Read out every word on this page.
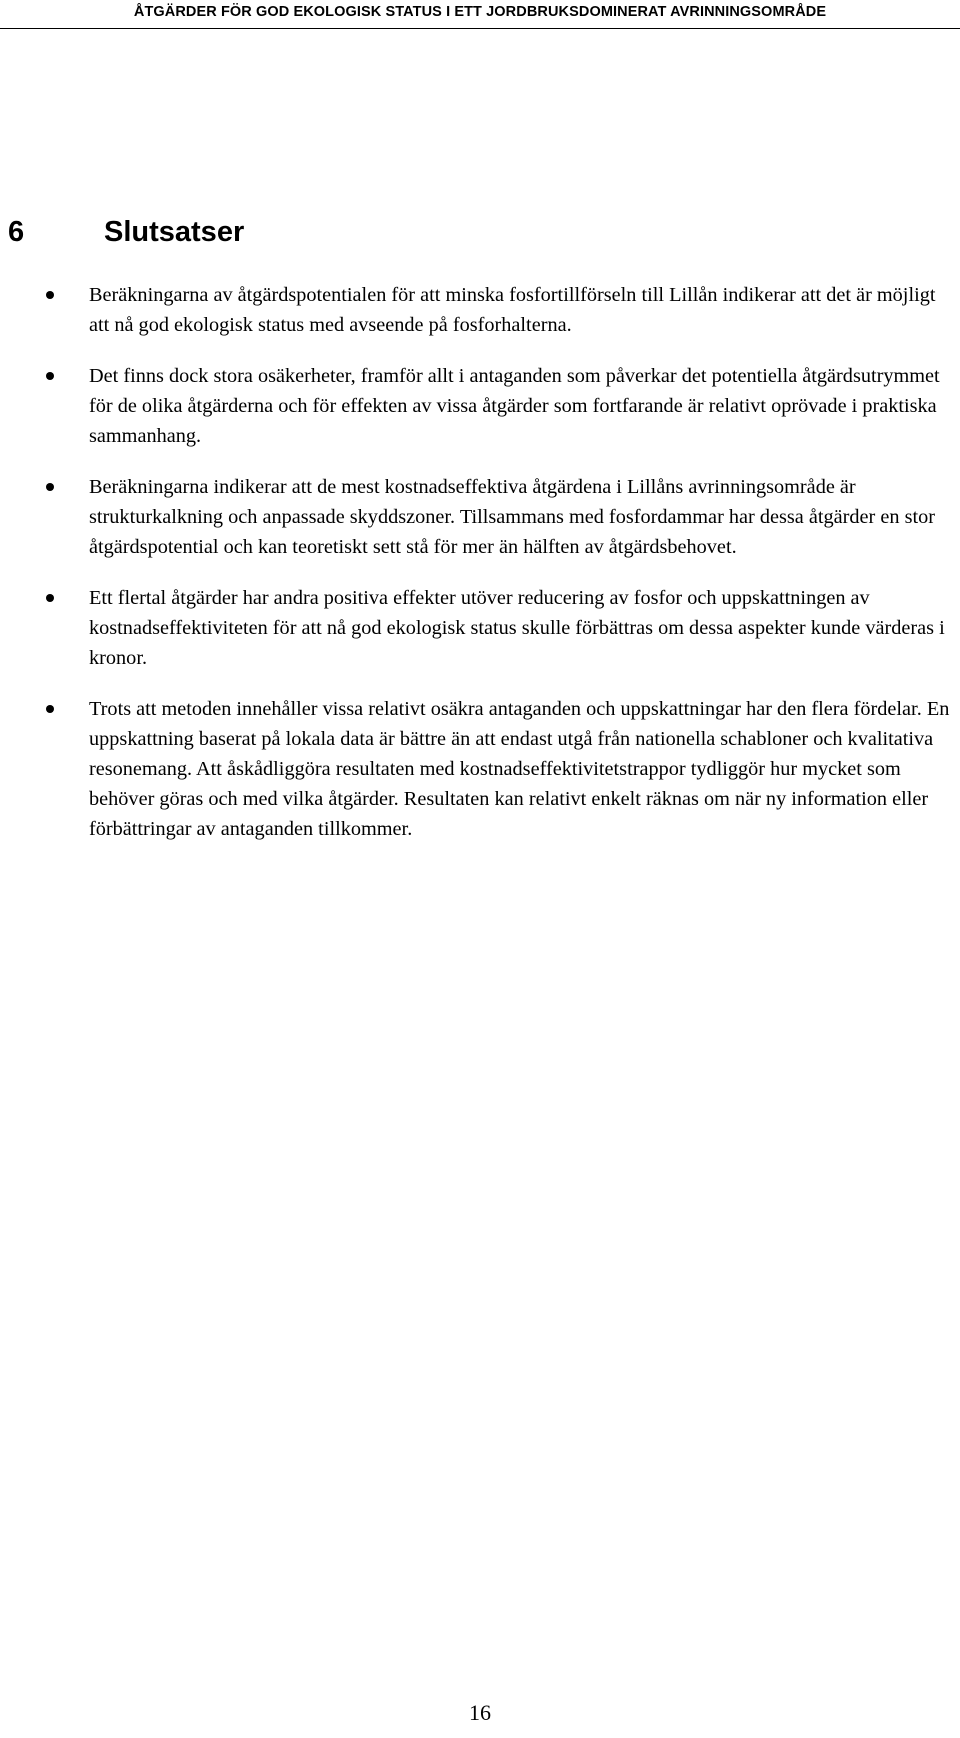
ÅTGÄRDER FÖR GOD EKOLOGISK STATUS I ETT JORDBRUKSDOMINERAT AVRINNINGSOMRÅDE
6	Slutsatser
Beräkningarna av åtgärdspotentialen för att minska fosfortillförseln till Lillån indikerar att det är möjligt att nå god ekologisk status med avseende på fosforhalterna.
Det finns dock stora osäkerheter, framför allt i antaganden som påverkar det potentiella åtgärdsutrymmet för de olika åtgärderna och för effekten av vissa åtgärder som fortfarande är relativt oprövade i praktiska sammanhang.
Beräkningarna indikerar att de mest kostnadseffektiva åtgärdena i Lillåns avrinningsområde är strukturkalkning och anpassade skyddszoner. Tillsammans med fosfordammar har dessa åtgärder en stor åtgärdspotential och kan teoretiskt sett stå för mer än hälften av åtgärdsbehovet.
Ett flertal åtgärder har andra positiva effekter utöver reducering av fosfor och uppskattningen av kostnadseffektiviteten för att nå god ekologisk status skulle förbättras om dessa aspekter kunde värderas i kronor.
Trots att metoden innehåller vissa relativt osäkra antaganden och uppskattningar har den flera fördelar. En uppskattning baserat på lokala data är bättre än att endast utgå från nationella schabloner och kvalitativa resonemang. Att åskådliggöra resultaten med kostnadseffektivitetstrappor tydliggör hur mycket som behöver göras och med vilka åtgärder. Resultaten kan relativt enkelt räknas om när ny information eller förbättringar av antaganden tillkommer.
16
